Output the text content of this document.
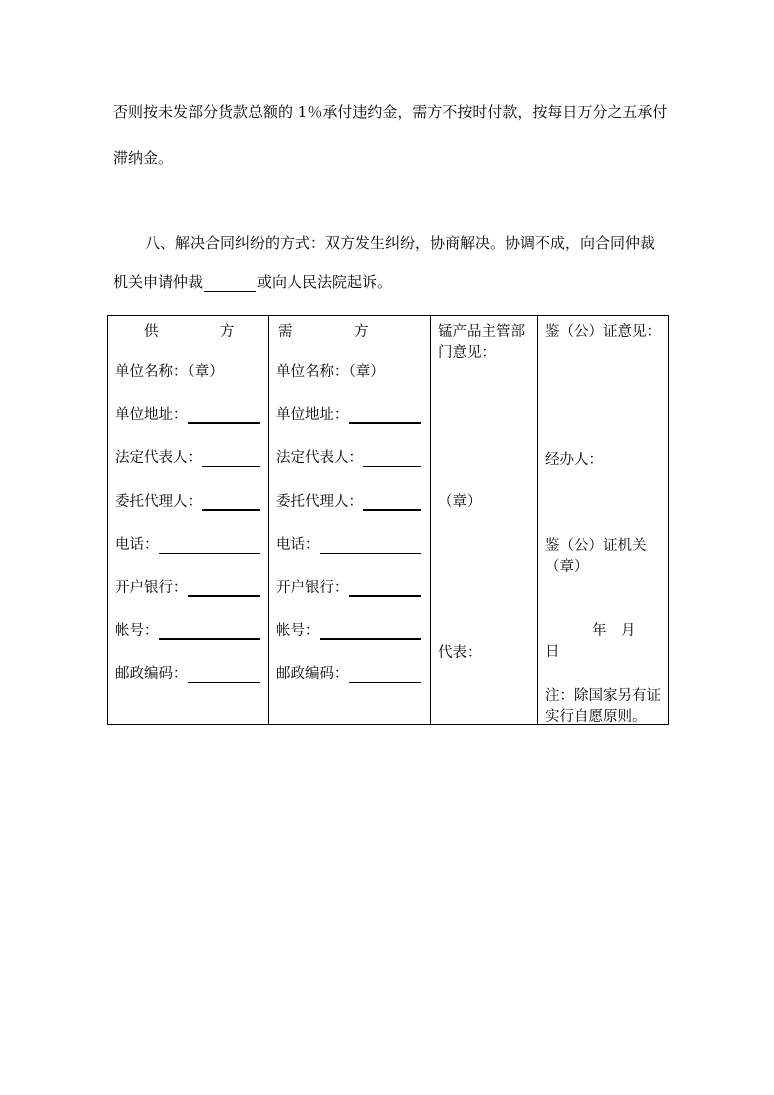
否则按未发部分货款总额的 1％承付违约金，需方不按时付款，按每日万分之五承付
滞纳金。
八、解决合同纠纷的方式：双方发生纠纷，协商解决。协调不成，向合同仲裁
机关申请仲裁	或向人民法院起诉。
供	方
单位名称：（章）
单位地址：
法定代表人：
委托代理人：
电话：
开户银行：
帐号：
邮政编码：

需	方
单位名称：（章）
单位地址：
法定代表人：
委托代理人：
电话：
开户银行：
帐号：
邮政编码：

锰产品主管部
门意见：
（章）
代表：

鉴（公）证意见：
经办人：
鉴（公）证机关
（章）
年　月
日
注：除国家另有证
实行自愿原则。
